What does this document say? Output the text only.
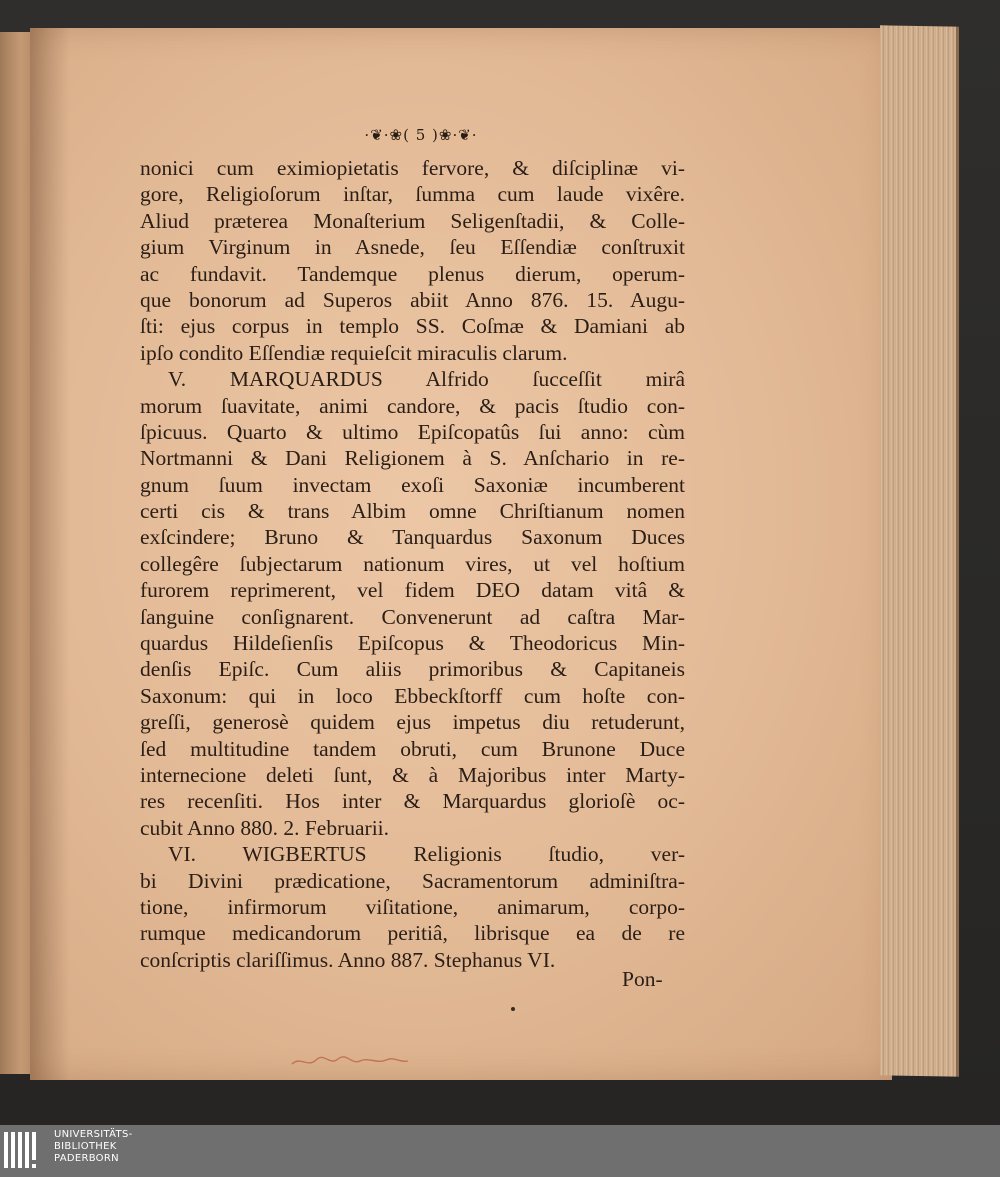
·❦·❀( 5 )❀·❦·
nonici cum eximiopietatis fervore, & diſciplinæ vi-
gore, Religioſorum inſtar, ſumma cum laude vixêre.
Aliud præterea Monaſterium Seligenſtadii, & Colle-
gium Virginum in Asnede, ſeu Eſſendiæ conſtruxit
ac fundavit. Tandemque plenus dierum, operum-
que bonorum ad Superos abiit Anno 876. 15. Augu-
ſti: ejus corpus in templo SS. Coſmæ & Damiani ab
ipſo condito Eſſendiæ requieſcit miraculis clarum.
V. MARQUARDUS Alfrido ſucceſſit mirâ
morum ſuavitate, animi candore, & pacis ſtudio con-
ſpicuus. Quarto & ultimo Epiſcopatûs ſui anno: cùm
Nortmanni & Dani Religionem à S. Anſchario in re-
gnum ſuum invectam exoſi Saxoniæ incumberent
certi cis & trans Albim omne Chriſtianum nomen
exſcindere; Bruno & Tanquardus Saxonum Duces
collegêre ſubjectarum nationum vires, ut vel hoſtium
furorem reprimerent, vel fidem DEO datam vitâ &
ſanguine conſignarent. Convenerunt ad caſtra Mar-
quardus Hildeſienſis Epiſcopus & Theodoricus Min-
denſis Epiſc. Cum aliis primoribus & Capitaneis
Saxonum: qui in loco Ebbeckſtorff cum hoſte con-
greſſi, generosè quidem ejus impetus diu retuderunt,
ſed multitudine tandem obruti, cum Brunone Duce
internecione deleti ſunt, & à Majoribus inter Marty-
res recenſiti. Hos inter & Marquardus glorioſè oc-
cubit Anno 880. 2. Februarii.
VI. WIGBERTUS Religionis ſtudio, ver-
bi Divini prædicatione, Sacramentorum adminiſtra-
tione, infirmorum viſitatione, animarum, corpo-
rumque medicandorum peritiâ, librisque ea de re
conſcriptis clariſſimus. Anno 887. Stephanus VI.
Pon-
UNIVERSITÄTS-
BIBLIOTHEK
PADERBORN
